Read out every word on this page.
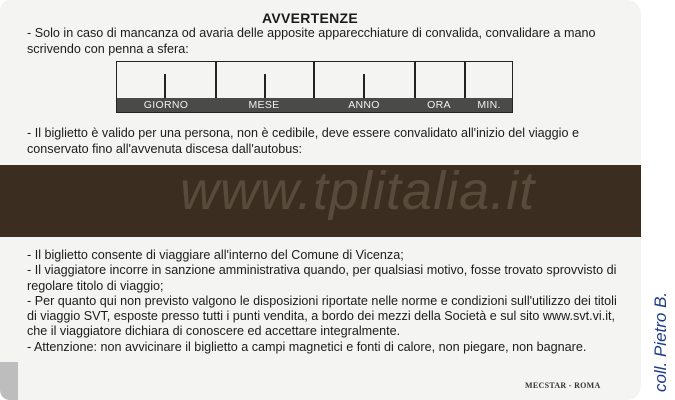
AVVERTENZE

- Solo in caso di mancanza od avaria delle apposite apparecchiature di convalida, convalidare a mano scrivendo con penna a sfera:

GIORNO	MESE	ANNO	ORA	MIN.

- Il biglietto è valido per una persona, non è cedibile, deve essere convalidato all'inizio del viaggio e conservato fino all'avvenuta discesa dall'autobus:

www.tplitalia.it
- Il biglietto consente di viaggiare all'interno del Comune di Vicenza;
- Il viaggiatore incorre in sanzione amministrativa quando, per qualsiasi motivo, fosse trovato sprovvisto di regolare titolo di viaggio;
- Per quanto qui non previsto valgono le disposizioni riportate nelle norme e condizioni sull'utilizzo dei titoli di viaggio SVT, esposte presso tutti i punti vendita, a bordo dei mezzi della Società e sul sito www.svt.vi.it, che il viaggiatore dichiara di conoscere ed accettare integralmente.
- Attenzione: non avvicinare il biglietto a campi magnetici e fonti di calore, non piegare, non bagnare.
MECSTAR - ROMA	coll. Pietro B.
